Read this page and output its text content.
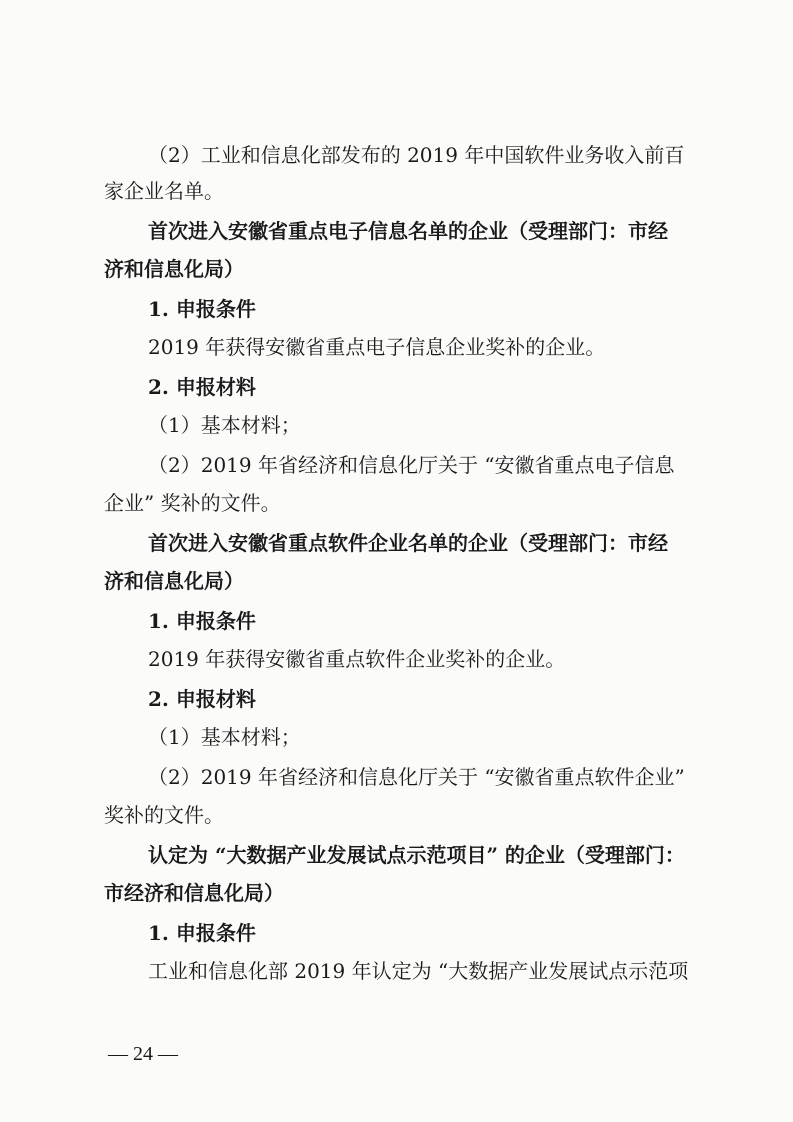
（2）工业和信息化部发布的 2019 年中国软件业务收入前百
家企业名单。
首次进入安徽省重点电子信息名单的企业（受理部门：市经
济和信息化局）
1. 申报条件
2019 年获得安徽省重点电子信息企业奖补的企业。
2. 申报材料
（1）基本材料；
（2）2019 年省经济和信息化厅关于 “安徽省重点电子信息
企业” 奖补的文件。
首次进入安徽省重点软件企业名单的企业（受理部门：市经
济和信息化局）
1. 申报条件
2019 年获得安徽省重点软件企业奖补的企业。
2. 申报材料
（1）基本材料；
（2）2019 年省经济和信息化厅关于 “安徽省重点软件企业”
奖补的文件。
认定为 “大数据产业发展试点示范项目” 的企业（受理部门：
市经济和信息化局）
1. 申报条件
工业和信息化部 2019 年认定为 “大数据产业发展试点示范项
— 24 —
